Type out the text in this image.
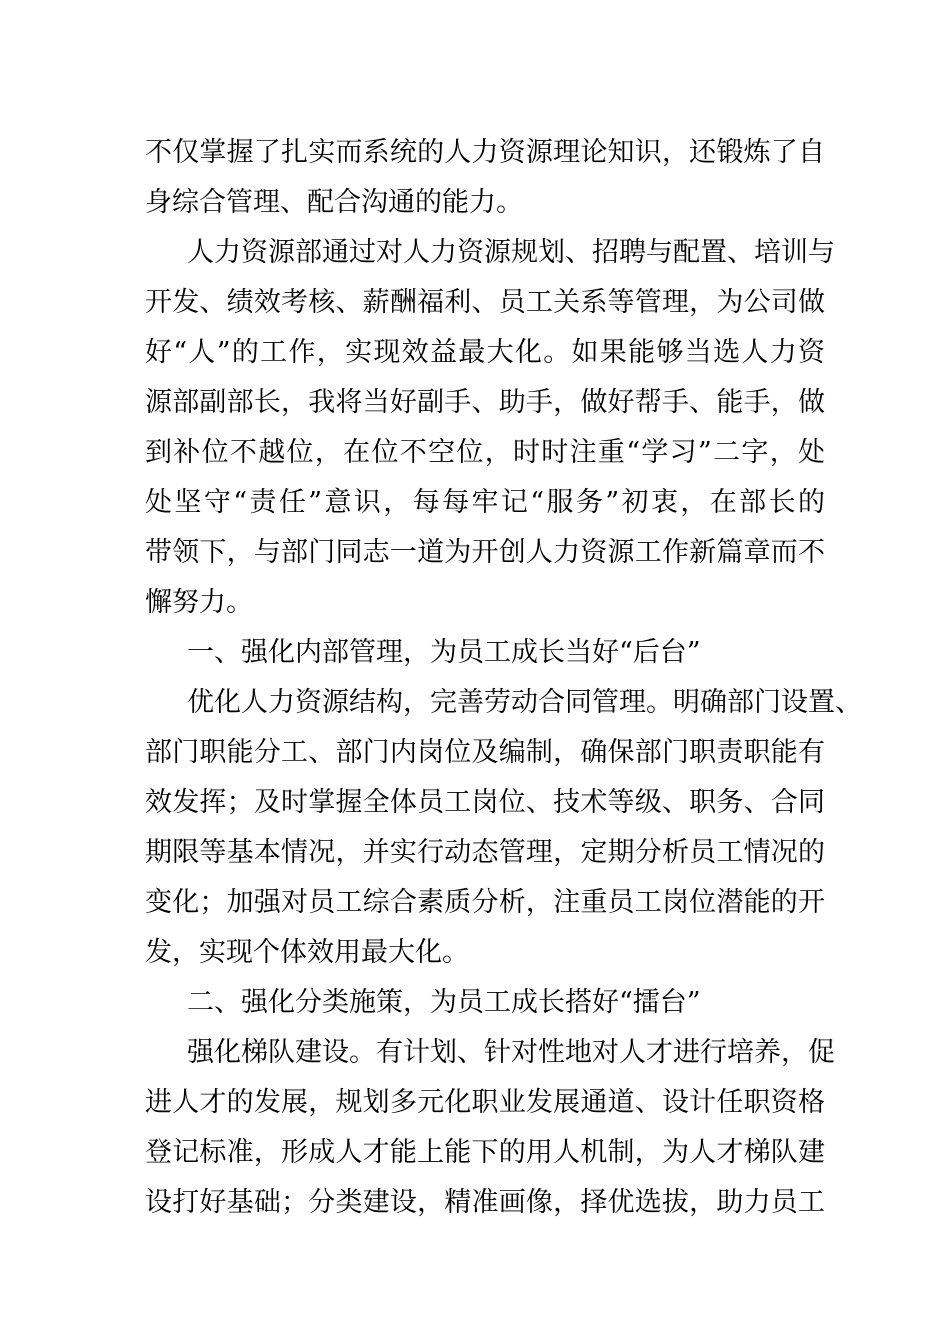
不仅掌握了扎实而系统的人力资源理论知识，还锻炼了自
身综合管理、配合沟通的能力。
人力资源部通过对人力资源规划、招聘与配置、培训与
开发、绩效考核、薪酬福利、员工关系等管理，为公司做
好“人”的工作，实现效益最大化。如果能够当选人力资
源部副部长，我将当好副手、助手，做好帮手、能手，做
到补位不越位，在位不空位，时时注重“学习”二字，处
处坚守“责任”意识，每每牢记“服务”初衷，在部长的
带领下，与部门同志一道为开创人力资源工作新篇章而不
懈努力。
一、强化内部管理，为员工成长当好“后台”
优化人力资源结构，完善劳动合同管理。明确部门设置、
部门职能分工、部门内岗位及编制，确保部门职责职能有
效发挥；及时掌握全体员工岗位、技术等级、职务、合同
期限等基本情况，并实行动态管理，定期分析员工情况的
变化；加强对员工综合素质分析，注重员工岗位潜能的开
发，实现个体效用最大化。
二、强化分类施策，为员工成长搭好“擂台”
强化梯队建设。有计划、针对性地对人才进行培养，促
进人才的发展，规划多元化职业发展通道、设计任职资格
登记标准，形成人才能上能下的用人机制，为人才梯队建
设打好基础；分类建设，精准画像，择优选拔，助力员工
